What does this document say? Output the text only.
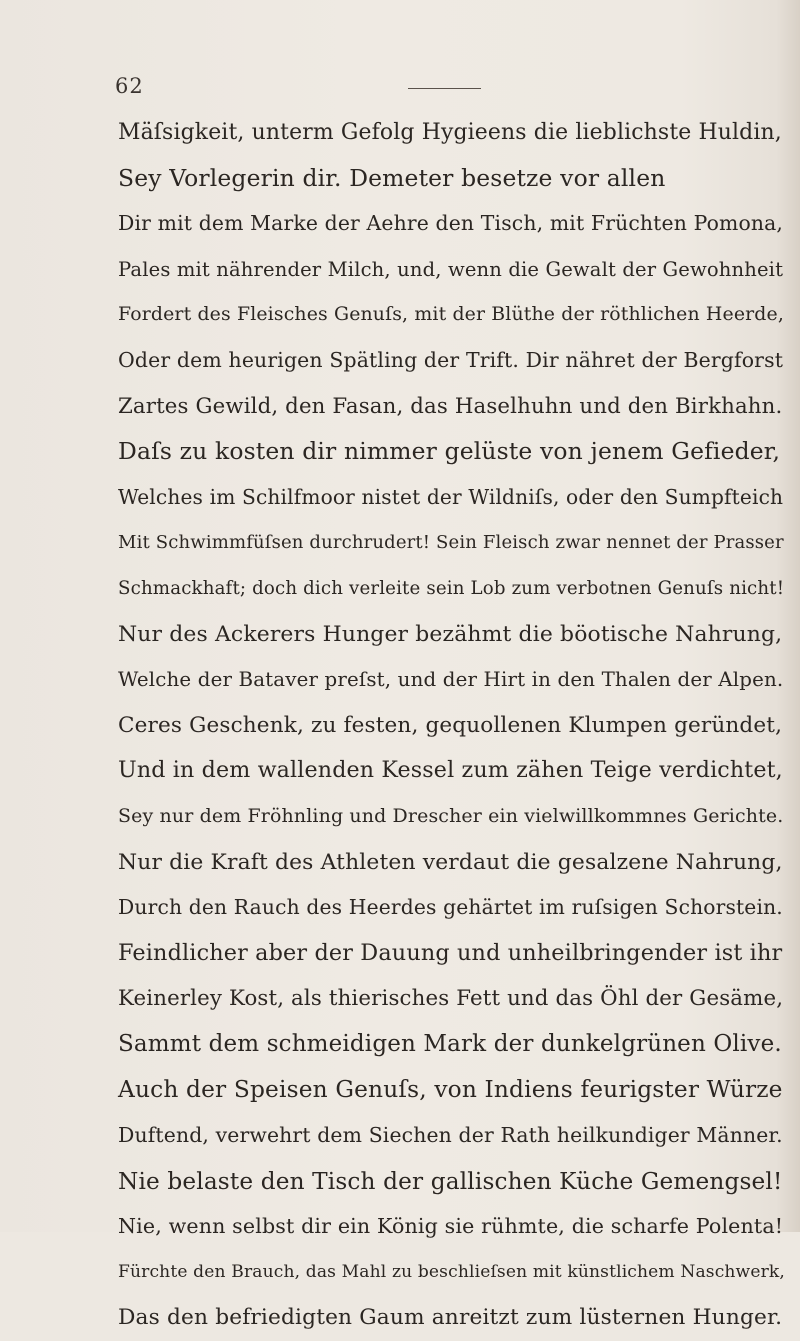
62
Mäſsigkeit, unterm Gefolg Hygieens die lieblichste Huldin,
Sey Vorlegerin dir. Demeter besetze vor allen
Dir mit dem Marke der Aehre den Tisch, mit Früchten Pomona,
Pales mit nährender Milch, und, wenn die Gewalt der Gewohnheit
Fordert des Fleisches Genuſs, mit der Blüthe der röthlichen Heerde,
Oder dem heurigen Spätling der Trift. Dir nähret der Bergforst
Zartes Gewild, den Fasan, das Haselhuhn und den Birkhahn.
Daſs zu kosten dir nimmer gelüste von jenem Gefieder,
Welches im Schilfmoor nistet der Wildniſs, oder den Sumpfteich
Mit Schwimmfüſsen durchrudert! Sein Fleisch zwar nennet der Prasser
Schmackhaft; doch dich verleite sein Lob zum verbotnen Genuſs nicht!
Nur des Ackerers Hunger bezähmt die böotische Nahrung,
Welche der Bataver preſst, und der Hirt in den Thalen der Alpen.
Ceres Geschenk, zu festen, gequollenen Klumpen geründet,
Und in dem wallenden Kessel zum zähen Teige verdichtet,
Sey nur dem Fröhnling und Drescher ein vielwillkommnes Gerichte.
Nur die Kraft des Athleten verdaut die gesalzene Nahrung,
Durch den Rauch des Heerdes gehärtet im ruſsigen Schorstein.
Feindlicher aber der Dauung und unheilbringender ist ihr
Keinerley Kost, als thierisches Fett und das Öhl der Gesäme,
Sammt dem schmeidigen Mark der dunkelgrünen Olive.
Auch der Speisen Genuſs, von Indiens feurigster Würze
Duftend, verwehrt dem Siechen der Rath heilkundiger Männer.
Nie belaste den Tisch der gallischen Küche Gemengsel!
Nie, wenn selbst dir ein König sie rühmte, die scharfe Polenta!
Fürchte den Brauch, das Mahl zu beschlieſsen mit künstlichem Naschwerk,
Das den befriedigten Gaum anreitzt zum lüsternen Hunger.
